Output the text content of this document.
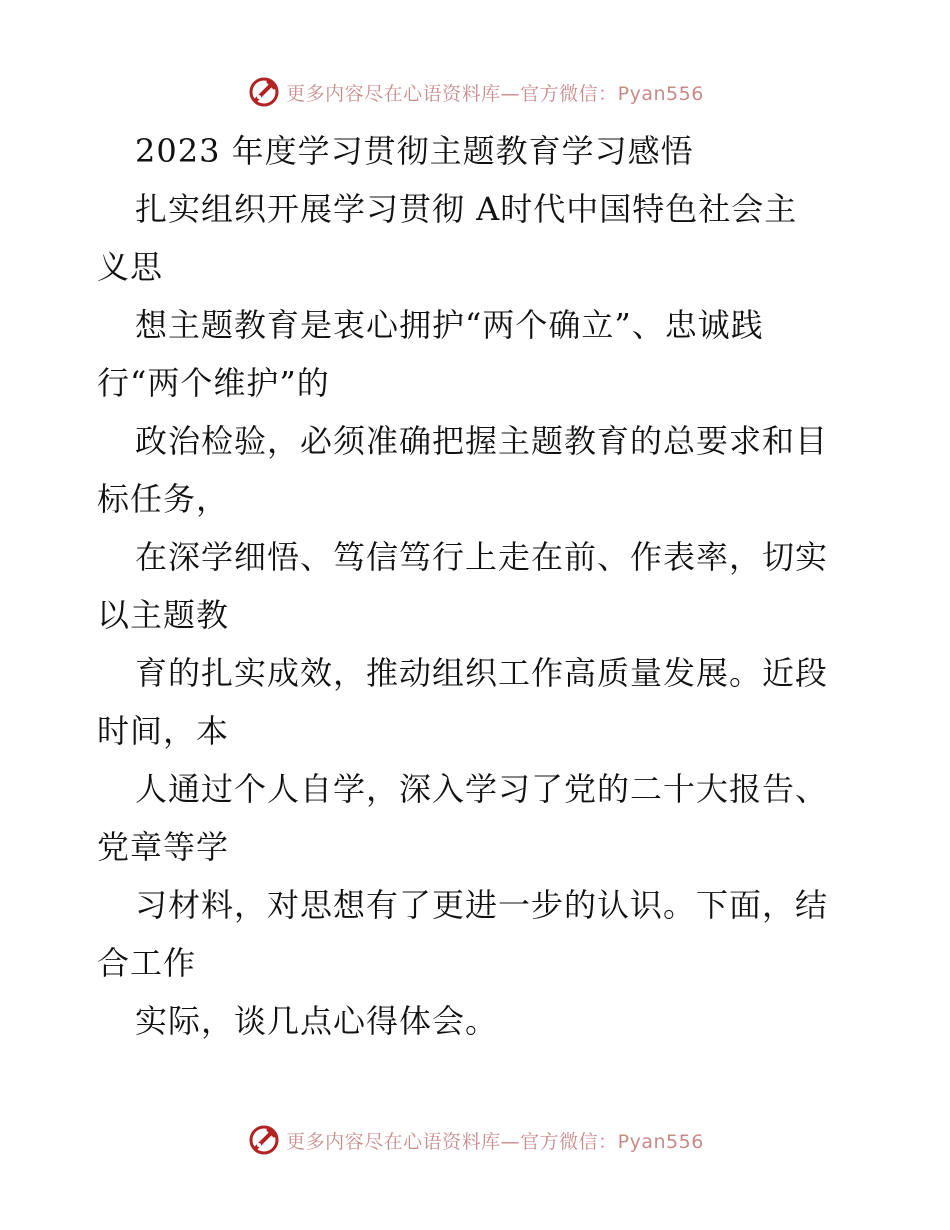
更多内容尽在心语资料库—官方微信：Pyan556
2023 年度学习贯彻主题教育学习感悟
扎实组织开展学习贯彻 A时代中国特色社会主
义思
想主题教育是衷心拥护“两个确立”、忠诚践
行“两个维护”的
政治检验，必须准确把握主题教育的总要求和目
标任务，
在深学细悟、笃信笃行上走在前、作表率，切实
以主题教
育的扎实成效，推动组织工作高质量发展。近段
时间，本
人通过个人自学，深入学习了党的二十大报告、
党章等学
习材料，对思想有了更进一步的认识。下面，结
合工作
实际，谈几点心得体会。
更多内容尽在心语资料库—官方微信：Pyan556
